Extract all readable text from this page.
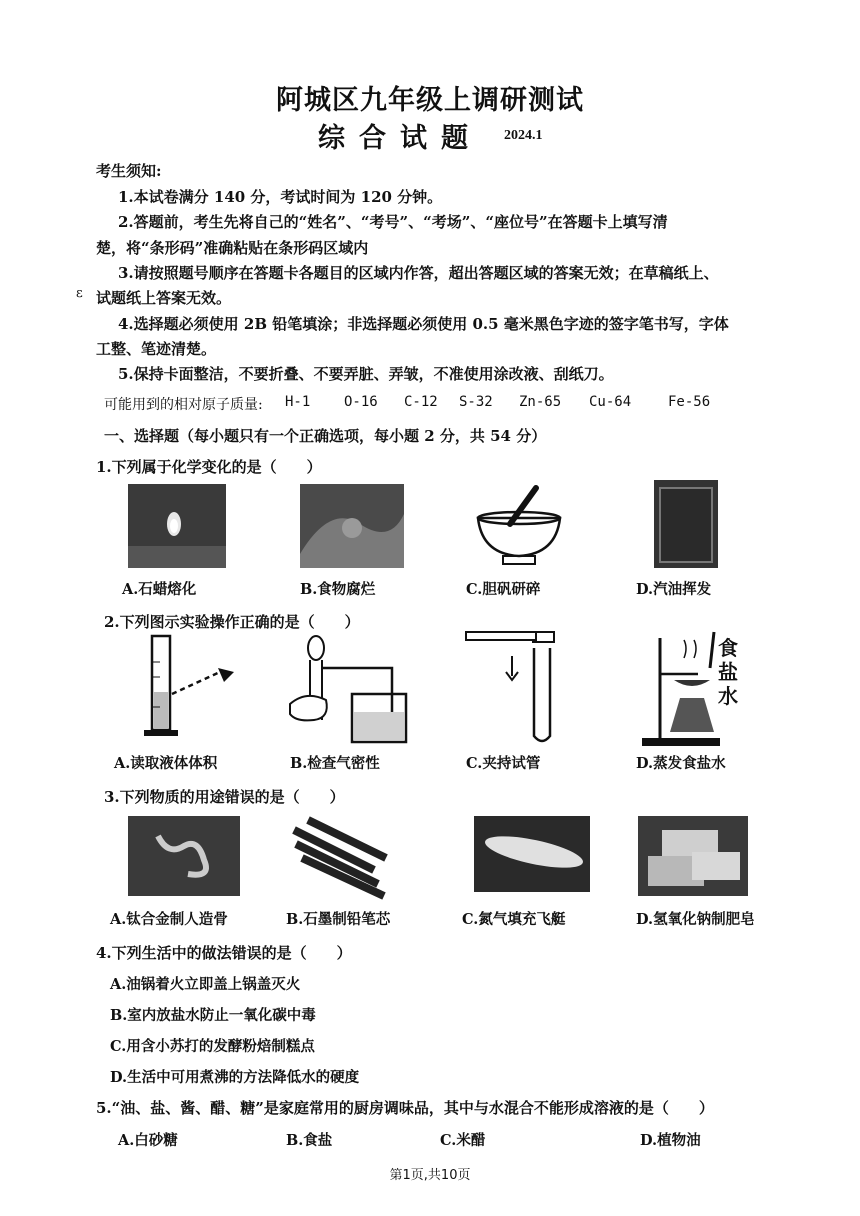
阿城区九年级上调研测试
综合试题 2024.1
考生须知:
1.本试卷满分 140 分，考试时间为 120 分钟。
2.答题前，考生先将自己的“姓名”、“考号”、“考场”、“座位号”在答题卡上填写清
楚，将“条形码”准确粘贴在条形码区域内
3.请按照题号顺序在答题卡各题目的区域内作答，超出答题区域的答案无效；在草稿纸上、
ε 试题纸上答案无效。
4.选择题必须使用 2B 铅笔填涂；非选择题必须使用 0.5 毫米黑色字迹的签字笔书写，字体
工整、笔迹清楚。
5.保持卡面整洁，不要折叠、不要弄脏、弄皱，不准使用涂改液、刮纸刀。
可能用到的相对原子质量: H-1 O-16 C-12 S-32 Zn-65 Cu-64	Fe-56
一、选择题（每小题只有一个正确选项，每小题 2 分，共 54 分）
1.下列属于化学变化的是（　　）
A.石蜡熔化	B.食物腐烂	C.胆矾研碎	D.汽油挥发
2.下列图示实验操作正确的是（　　）
食
盐
水
A.读取液体体积	B.检查气密性	C.夹持试管	D.蒸发食盐水
3.下列物质的用途错误的是（　　）
A.钛合金制人造骨	B.石墨制铅笔芯	C.氮气填充飞艇	D.氢氧化钠制肥皂
4.下列生活中的做法错误的是（　　）
A.油锅着火立即盖上锅盖灭火
B.室内放盐水防止一氧化碳中毒
C.用含小苏打的发酵粉焙制糕点
D.生活中可用煮沸的方法降低水的硬度
5.“油、盐、酱、醋、糖”是家庭常用的厨房调味品，其中与水混合不能形成溶液的是（　　）
A.白砂糖	B.食盐	C.米醋	D.植物油
第1页,共10页
